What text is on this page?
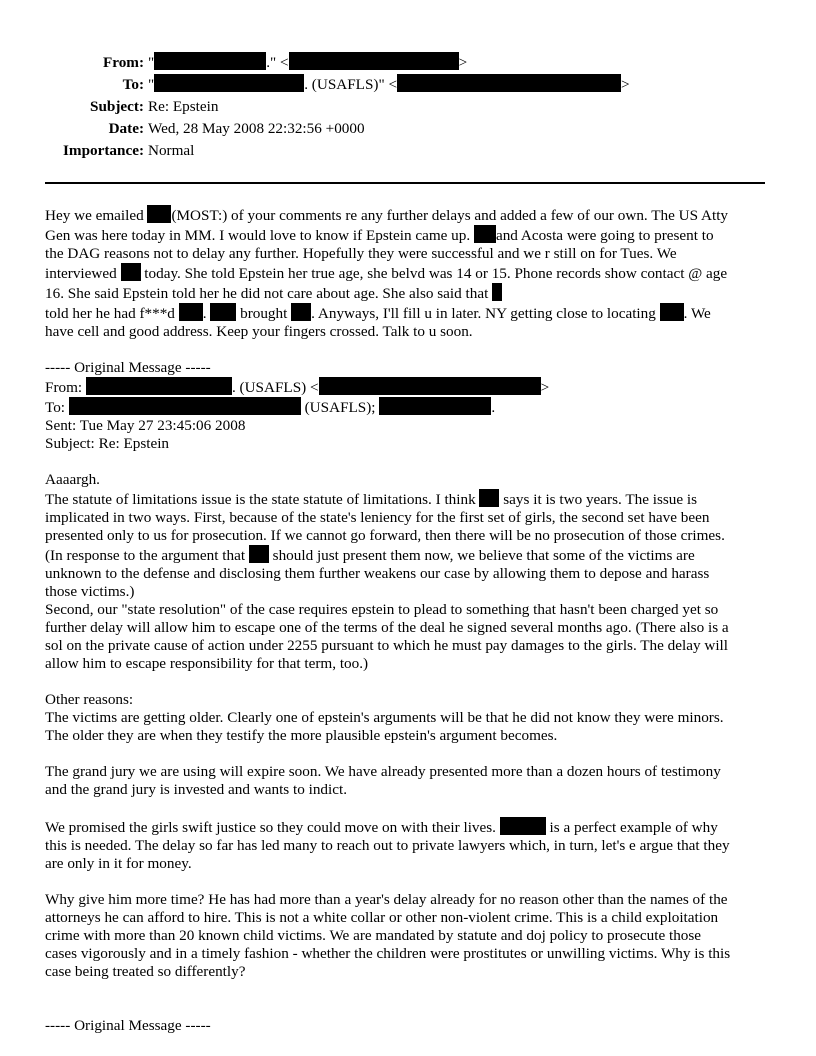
From: "	." <	>
To: "	. (USAFLS)" <	>
Subject: Re: Epstein
Date: Wed, 28 May 2008 22:32:56 +0000
Importance: Normal

Hey we emailed (MOST:) of your comments re any further delays and added a few of our own. The US Atty

Gen was here today in MM. I would love to know if Epstein came up. and Acosta were going to present to

the DAG reasons not to delay any further. Hopefully they were successful and we r still on for Tues. We

interviewed  today. She told Epstein her true age, she belvd was 14 or 15. Phone records show contact @ age

16. She said Epstein told her he did not care about age. She also said that

told her he had f***d .  brought . Anyways, I'll fill u in later. NY getting close to locating . We

have cell and good address. Keep your fingers crossed. Talk to u soon.

----- Original Message -----

From:	. (USAFLS) <	>

To:	(USAFLS);	.

Sent: Tue May 27 23:45:06 2008

Subject: Re: Epstein

Aaaargh.

The statute of limitations issue is the state statute of limitations. I think  says it is two years. The issue is

implicated in two ways. First, because of the state's leniency for the first set of girls, the second set have been

presented only to us for prosecution. If we cannot go forward, then there will be no prosecution of those crimes.

(In response to the argument that  should just present them now, we believe that some of the victims are

unknown to the defense and disclosing them further weakens our case by allowing them to depose and harass

those victims.)

Second, our "state resolution" of the case requires epstein to plead to something that hasn't been charged yet so

further delay will allow him to escape one of the terms of the deal he signed several months ago. (There also is a

sol on the private cause of action under 2255 pursuant to which he must pay damages to the girls. The delay will

allow him to escape responsibility for that term, too.)

Other reasons:

The victims are getting older. Clearly one of epstein's arguments will be that he did not know they were minors.

The older they are when they testify the more plausible epstein's argument becomes.

The grand jury we are using will expire soon. We have already presented more than a dozen hours of testimony

and the grand jury is invested and wants to indict.

We promised the girls swift justice so they could move on with their lives.	is a perfect example of why

this is needed. The delay so far has led many to reach out to private lawyers which, in turn, let's e argue that they

are only in it for money.

Why give him more time? He has had more than a year's delay already for no reason other than the names of the

attorneys he can afford to hire. This is not a white collar or other non-violent crime. This is a child exploitation

crime with more than 20 known child victims. We are mandated by statute and doj policy to prosecute those

cases vigorously and in a timely fashion - whether the children were prostitutes or unwilling victims. Why is this

case being treated so differently?

----- Original Message -----
